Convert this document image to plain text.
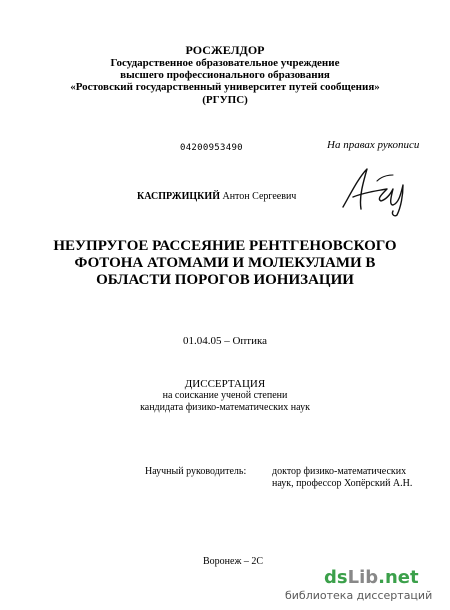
РОСЖЕЛДОР
Государственное образовательное учреждение
высшего профессионального образования
«Ростовский государственный университет путей сообщения»
(РГУПС)
04200953490	На правах рукописи
КАСПРЖИЦКИЙ Антон Сергеевич
НЕУПРУГОЕ РАССЕЯНИЕ РЕНТГЕНОВСКОГО
ФОТОНА АТОМАМИ И МОЛЕКУЛАМИ В
ОБЛАСТИ ПОРОГОВ ИОНИЗАЦИИ
01.04.05 – Оптика
ДИССЕРТАЦИЯ
на соискание ученой степени
кандидата физико-математических наук
Научный руководитель:	доктор физико-математических
наук, профессор Хопёрский А.Н.
Воронеж – 2С
dsLib.net
библиотека диссертаций
